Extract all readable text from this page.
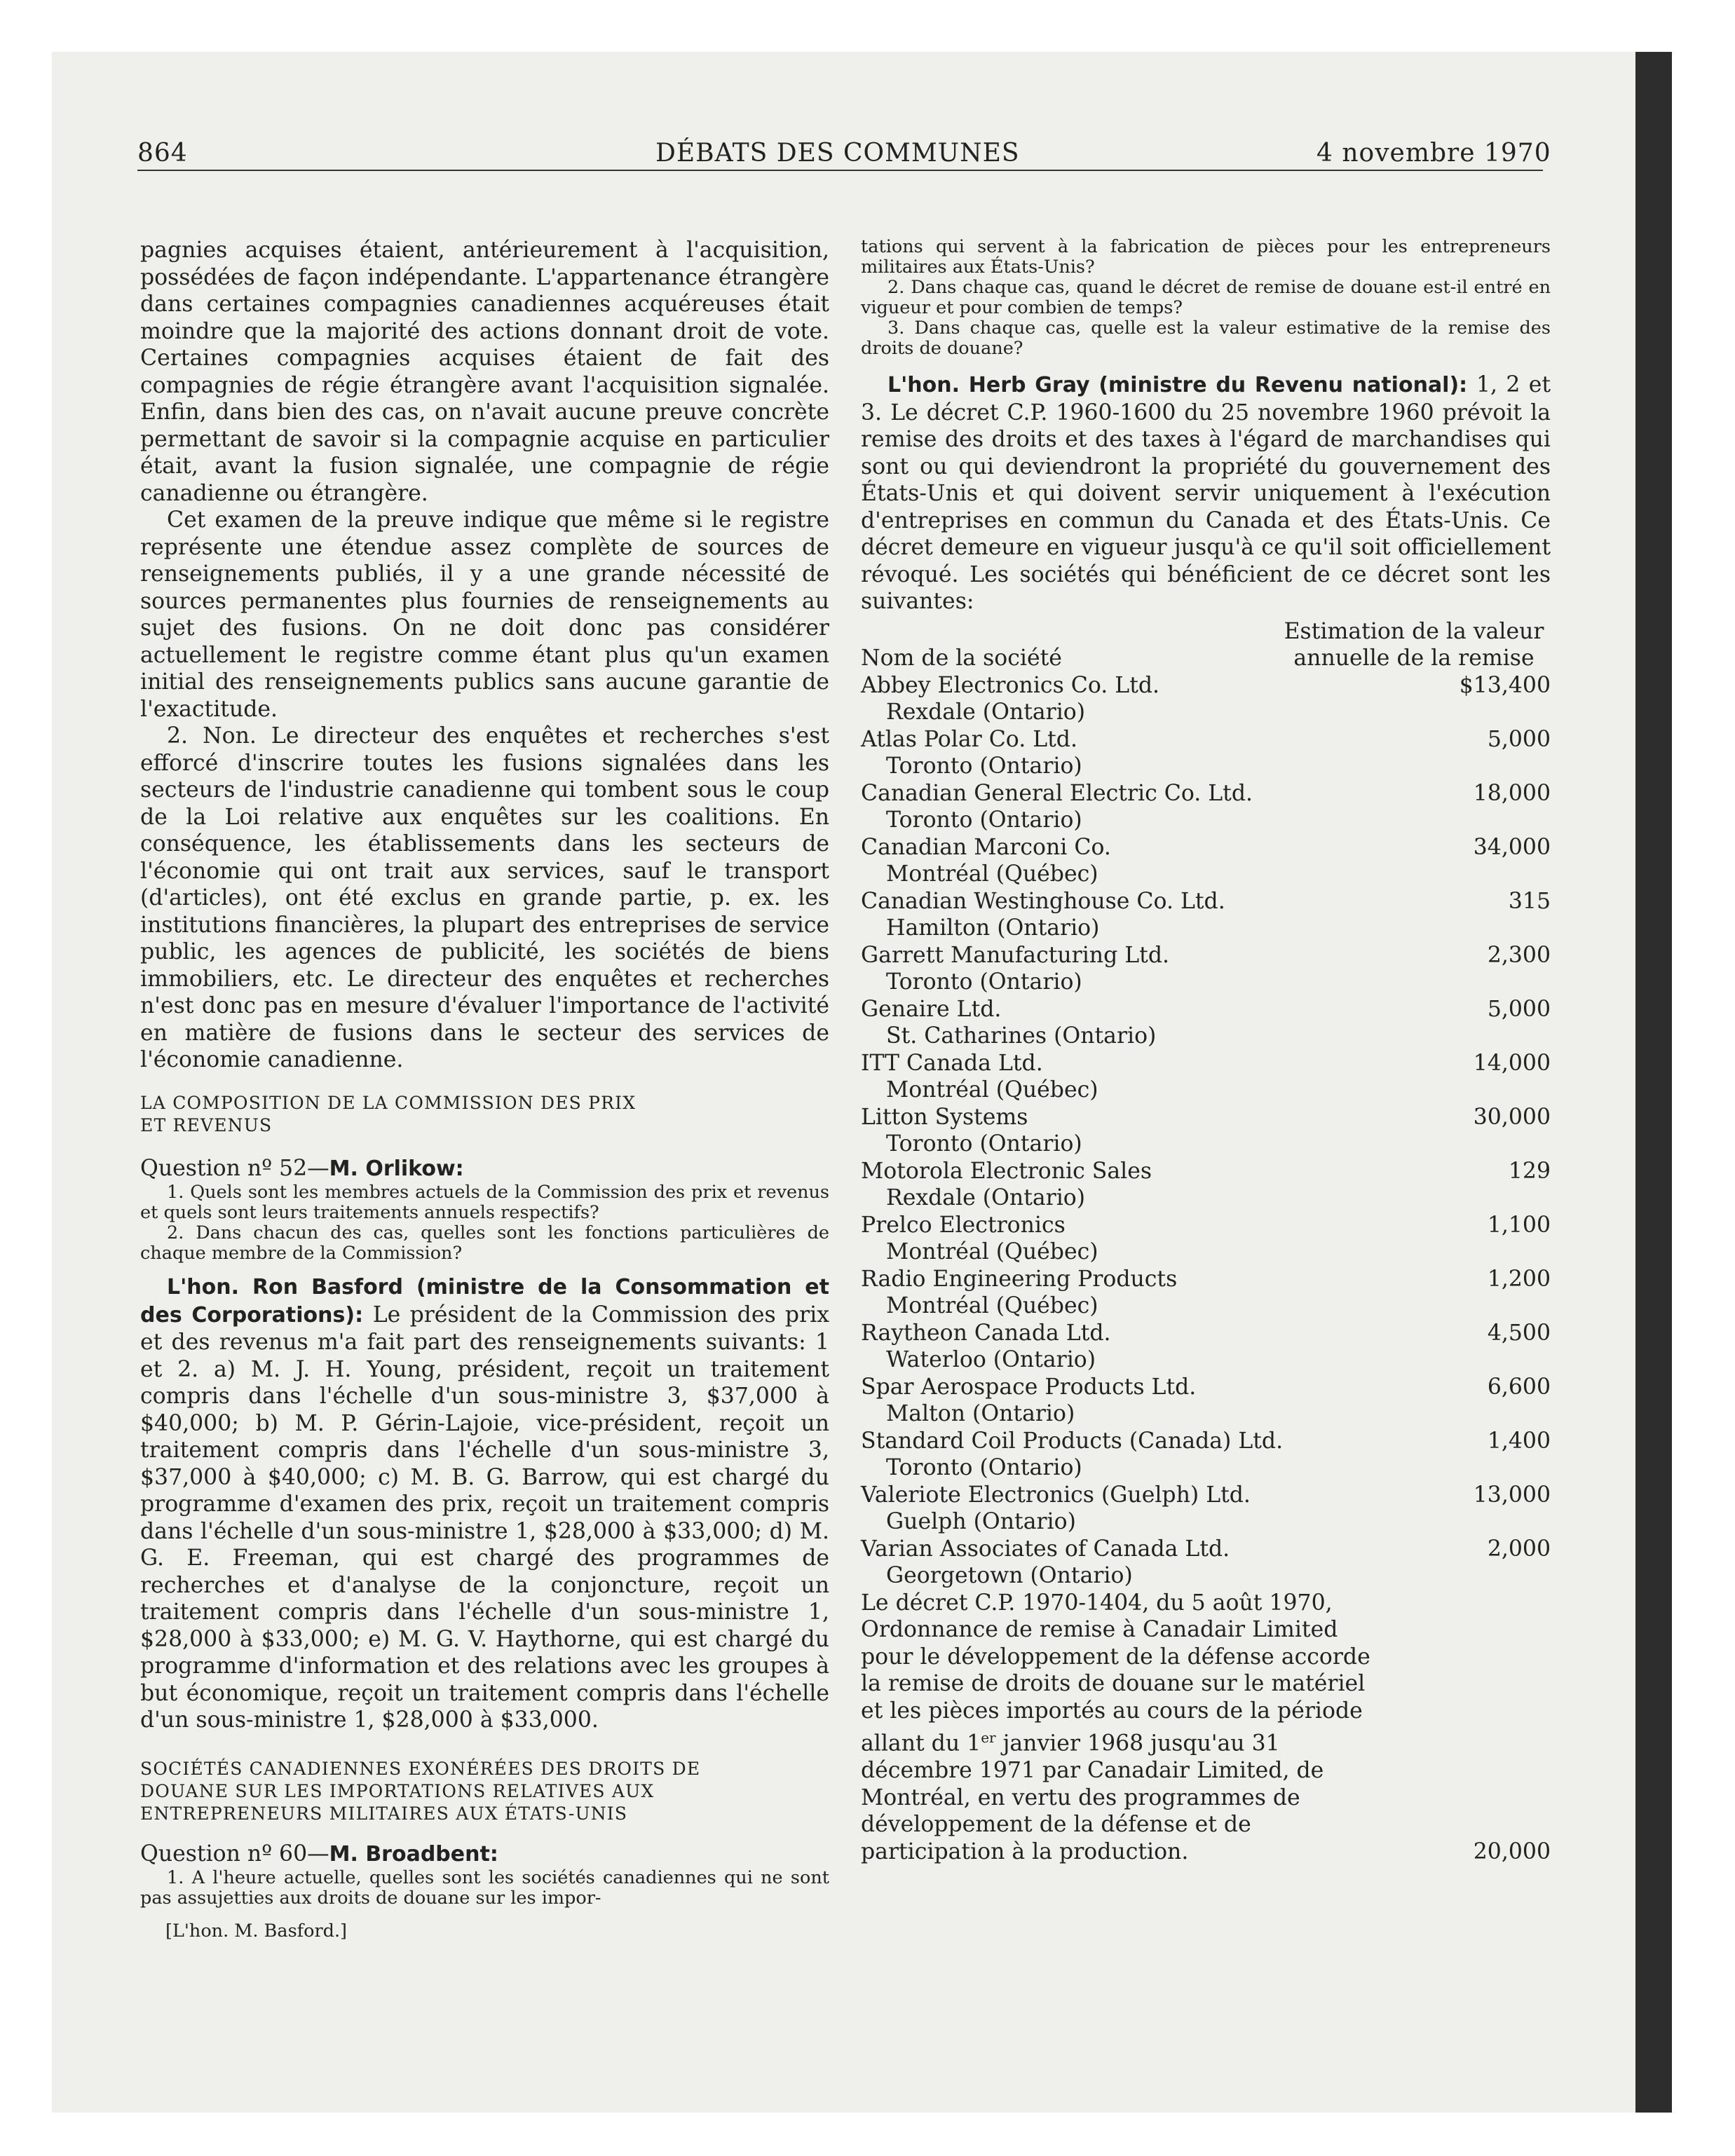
864	DÉBATS DES COMMUNES	4 novembre 1970

pagnies acquises étaient, antérieurement à l'acquisition, possédées de façon indépendante. L'appartenance étrangère dans certaines compagnies canadiennes acquéreuses était moindre que la majorité des actions donnant droit de vote. Certaines compagnies acquises étaient de fait des compagnies de régie étrangère avant l'acquisition signalée. Enfin, dans bien des cas, on n'avait aucune preuve concrète permettant de savoir si la compagnie acquise en particulier était, avant la fusion signalée, une compagnie de régie canadienne ou étrangère.

Cet examen de la preuve indique que même si le registre représente une étendue assez complète de sources de renseignements publiés, il y a une grande nécessité de sources permanentes plus fournies de renseignements au sujet des fusions. On ne doit donc pas considérer actuellement le registre comme étant plus qu'un examen initial des renseignements publics sans aucune garantie de l'exactitude.

2. Non. Le directeur des enquêtes et recherches s'est efforcé d'inscrire toutes les fusions signalées dans les secteurs de l'industrie canadienne qui tombent sous le coup de la Loi relative aux enquêtes sur les coalitions. En conséquence, les établissements dans les secteurs de l'économie qui ont trait aux services, sauf le transport (d'articles), ont été exclus en grande partie, p. ex. les institutions financières, la plupart des entreprises de service public, les agences de publicité, les sociétés de biens immobiliers, etc. Le directeur des enquêtes et recherches n'est donc pas en mesure d'évaluer l'importance de l'activité en matière de fusions dans le secteur des services de l'économie canadienne.

LA COMPOSITION DE LA COMMISSION DES PRIX

ET REVENUS

Question nº 52—M. Orlikow:

1. Quels sont les membres actuels de la Commission des prix et revenus et quels sont leurs traitements annuels respectifs?

2. Dans chacun des cas, quelles sont les fonctions particulières de chaque membre de la Commission?

L'hon. Ron Basford (ministre de la Consommation et des Corporations): Le président de la Commission des prix et des revenus m'a fait part des renseignements suivants: 1 et 2. a) M. J. H. Young, président, reçoit un traitement compris dans l'échelle d'un sous-ministre 3, $37,000 à $40,000; b) M. P. Gérin-Lajoie, vice-président, reçoit un traitement compris dans l'échelle d'un sous-ministre 3, $37,000 à $40,000; c) M. B. G. Barrow, qui est chargé du programme d'examen des prix, reçoit un traitement compris dans l'échelle d'un sous-ministre 1, $28,000 à $33,000; d) M. G. E. Freeman, qui est chargé des programmes de recherches et d'analyse de la conjoncture, reçoit un traitement compris dans l'échelle d'un sous-ministre 1, $28,000 à $33,000; e) M. G. V. Haythorne, qui est chargé du programme d'information et des relations avec les groupes à but économique, reçoit un traitement compris dans l'échelle d'un sous-ministre 1, $28,000 à $33,000.

SOCIÉTÉS CANADIENNES EXONÉRÉES DES DROITS DE

DOUANE SUR LES IMPORTATIONS RELATIVES AUX

ENTREPRENEURS MILITAIRES AUX ÉTATS-UNIS

Question nº 60—M. Broadbent:

1. A l'heure actuelle, quelles sont les sociétés canadiennes qui ne sont pas assujetties aux droits de douane sur les impor-

[L'hon. M. Basford.]

tations qui servent à la fabrication de pièces pour les entrepreneurs militaires aux États-Unis?

2. Dans chaque cas, quand le décret de remise de douane est-il entré en vigueur et pour combien de temps?

3. Dans chaque cas, quelle est la valeur estimative de la remise des droits de douane?

L'hon. Herb Gray (ministre du Revenu national): 1, 2 et 3. Le décret C.P. 1960-1600 du 25 novembre 1960 prévoit la remise des droits et des taxes à l'égard de marchandises qui sont ou qui deviendront la propriété du gouvernement des États-Unis et qui doivent servir uniquement à l'exécution d'entreprises en commun du Canada et des États-Unis. Ce décret demeure en vigueur jusqu'à ce qu'il soit officiellement révoqué. Les sociétés qui bénéficient de ce décret sont les suivantes:

Nom de la société
Estimation de la valeur
annuelle de la remise
Abbey Electronics Co. Ltd.	$13,400

Rexdale (Ontario)

Atlas Polar Co. Ltd.	5,000

Toronto (Ontario)

Canadian General Electric Co. Ltd.	18,000

Toronto (Ontario)

Canadian Marconi Co.	34,000

Montréal (Québec)

Canadian Westinghouse Co. Ltd.	315

Hamilton (Ontario)

Garrett Manufacturing Ltd.	2,300

Toronto (Ontario)

Genaire Ltd.	5,000

St. Catharines (Ontario)

ITT Canada Ltd.	14,000

Montréal (Québec)

Litton Systems	30,000

Toronto (Ontario)

Motorola Electronic Sales	129

Rexdale (Ontario)

Prelco Electronics	1,100

Montréal (Québec)

Radio Engineering Products	1,200

Montréal (Québec)

Raytheon Canada Ltd.	4,500

Waterloo (Ontario)

Spar Aerospace Products Ltd.	6,600

Malton (Ontario)

Standard Coil Products (Canada) Ltd.	1,400

Toronto (Ontario)

Valeriote Electronics (Guelph) Ltd.	13,000

Guelph (Ontario)

Varian Associates of Canada Ltd.	2,000

Georgetown (Ontario)

Le décret C.P. 1970-1404, du 5 août 1970, Ordonnance de remise à Canadair Limited pour le développement de la défense accorde la remise de droits de douane sur le matériel et les pièces importés au cours de la période allant du 1er janvier 1968 jusqu'au 31 décembre 1971 par Canadair Limited, de Montréal, en vertu des programmes de développement de la défense et de participation à la production.	20,000
